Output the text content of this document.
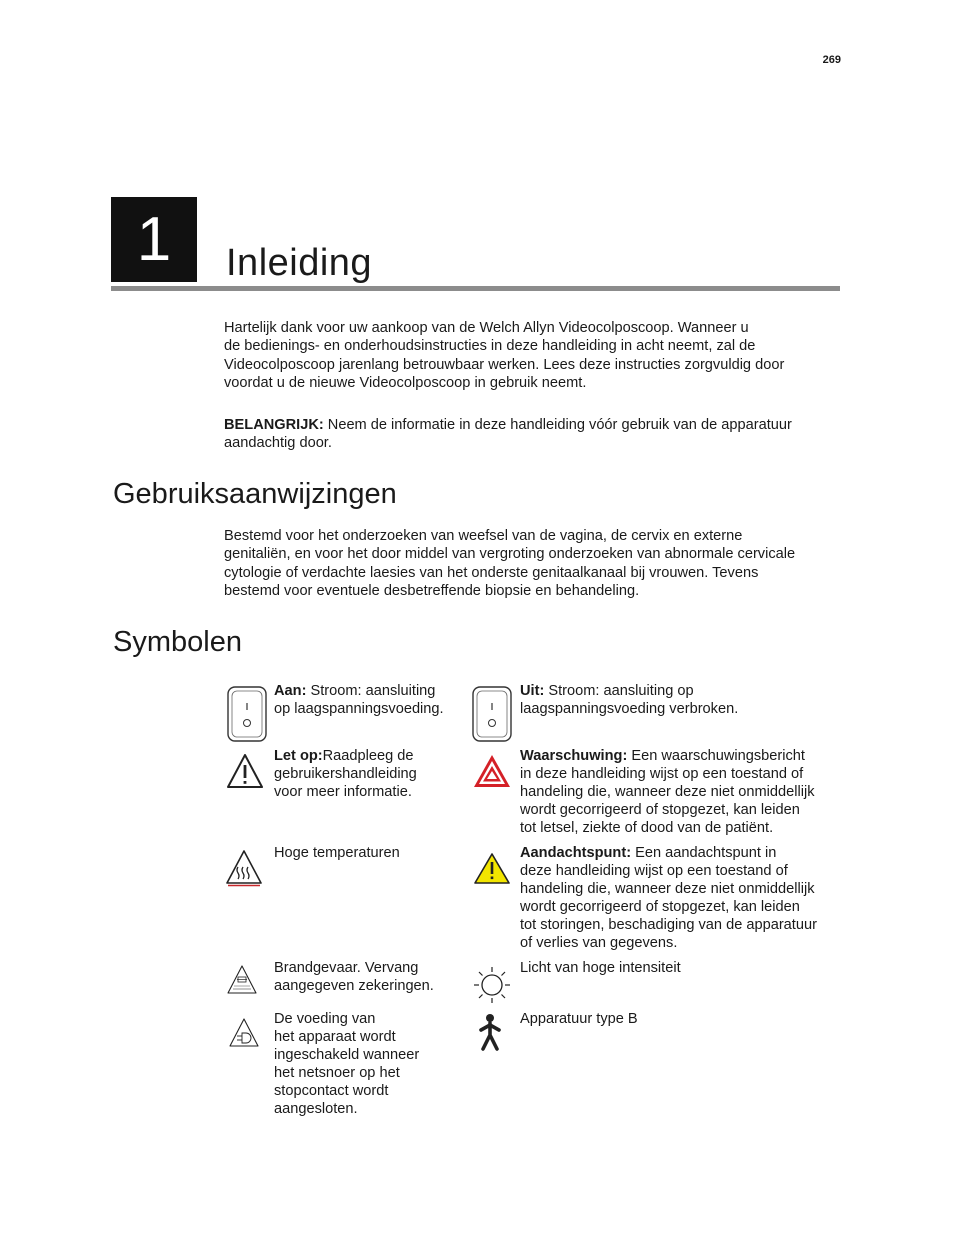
269
1	Inleiding
Hartelijk dank voor uw aankoop van de Welch Allyn Videocolposcoop. Wanneer u
de bedienings- en onderhoudsinstructies in deze handleiding in acht neemt, zal de
Videocolposcoop jarenlang betrouwbaar werken. Lees deze instructies zorgvuldig door
voordat u de nieuwe Videocolposcoop in gebruik neemt.
BELANGRIJK: Neem de informatie in deze handleiding vóór gebruik van de apparatuur
aandachtig door.
Gebruiksaanwijzingen
Bestemd voor het onderzoeken van weefsel van de vagina, de cervix en externe
genitaliën, en voor het door middel van vergroting onderzoeken van abnormale cervicale
cytologie of verdachte laesies van het onderste genitaalkanaal bij vrouwen. Tevens
bestemd voor eventuele desbetreffende biopsie en behandeling.
Symbolen
Aan: Stroom: aansluiting
op laagspanningsvoeding.
Uit: Stroom: aansluiting op
laagspanningsvoeding verbroken.
Let op:Raadpleeg de
gebruikershandleiding
voor meer informatie.
Waarschuwing: Een waarschuwingsbericht
in deze handleiding wijst op een toestand of
handeling die, wanneer deze niet onmiddellijk
wordt gecorrigeerd of stopgezet, kan leiden
tot letsel, ziekte of dood van de patiënt.
Hoge temperaturen	Aandachtspunt: Een aandachtspunt in
deze handleiding wijst op een toestand of
handeling die, wanneer deze niet onmiddellijk
wordt gecorrigeerd of stopgezet, kan leiden
tot storingen, beschadiging van de apparatuur
of verlies van gegevens.
Brandgevaar. Vervang
aangegeven zekeringen.
Licht van hoge intensiteit
De voeding van
het apparaat wordt
ingeschakeld wanneer
het netsnoer op het
stopcontact wordt
aangesloten.
Apparatuur type B
